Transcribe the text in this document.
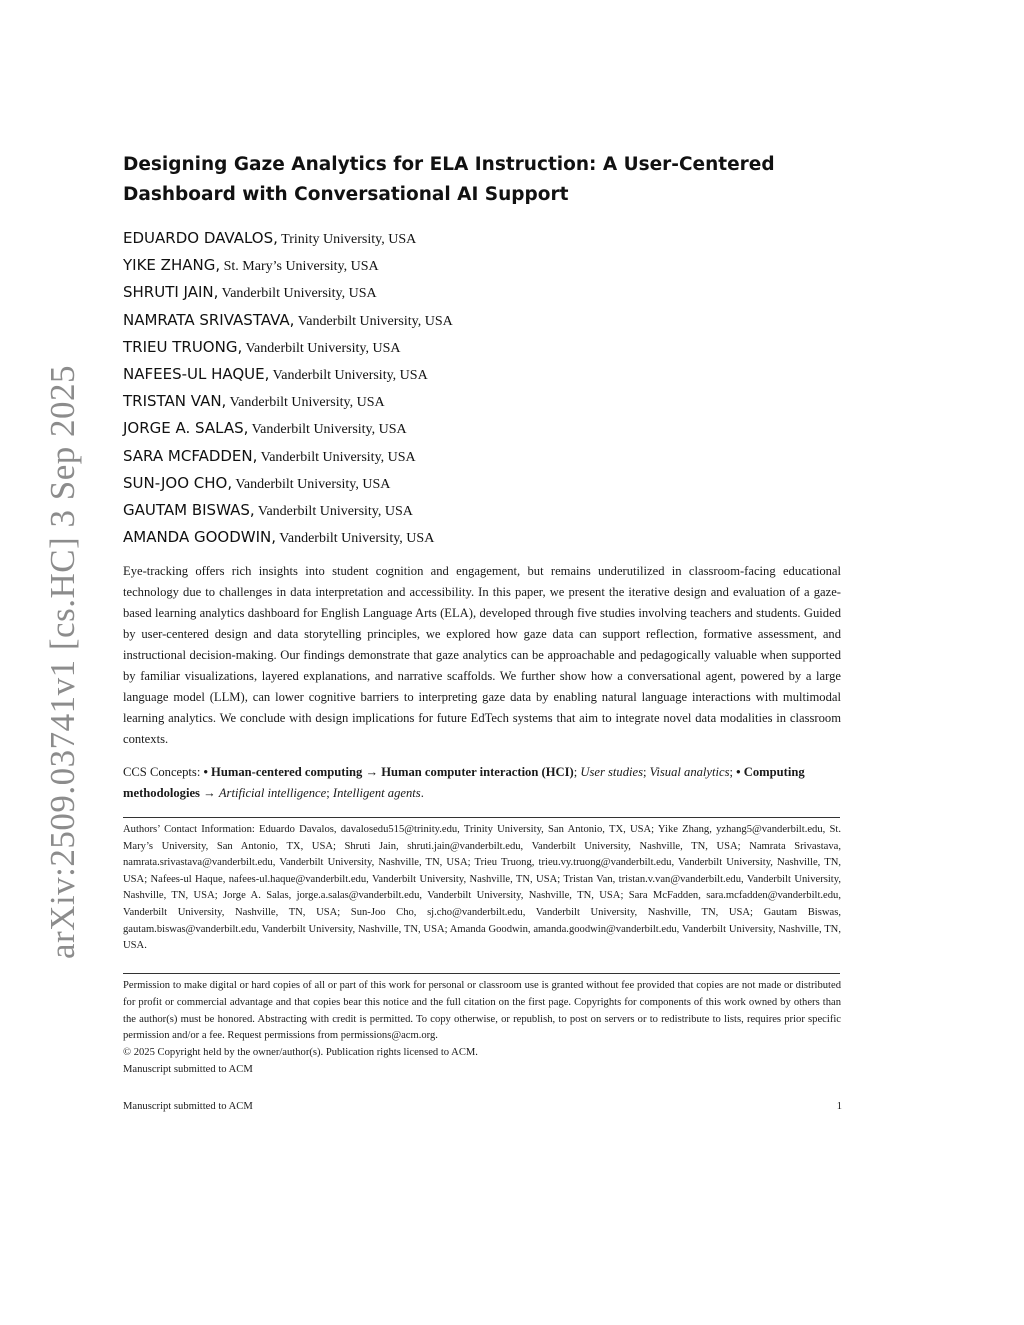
arXiv:2509.03741v1 [cs.HC] 3 Sep 2025
Designing Gaze Analytics for ELA Instruction: A User-Centered Dashboard with Conversational AI Support
EDUARDO DAVALOS, Trinity University, USA
YIKE ZHANG, St. Mary’s University, USA
SHRUTI JAIN, Vanderbilt University, USA
NAMRATA SRIVASTAVA, Vanderbilt University, USA
TRIEU TRUONG, Vanderbilt University, USA
NAFEES-UL HAQUE, Vanderbilt University, USA
TRISTAN VAN, Vanderbilt University, USA
JORGE A. SALAS, Vanderbilt University, USA
SARA MCFADDEN, Vanderbilt University, USA
SUN-JOO CHO, Vanderbilt University, USA
GAUTAM BISWAS, Vanderbilt University, USA
AMANDA GOODWIN, Vanderbilt University, USA

Eye-tracking offers rich insights into student cognition and engagement, but remains underutilized in classroom-facing educational technology due to challenges in data interpretation and accessibility. In this paper, we present the iterative design and evaluation of a gaze-based learning analytics dashboard for English Language Arts (ELA), developed through five studies involving teachers and students. Guided by user-centered design and data storytelling principles, we explored how gaze data can support reflection, formative assessment, and instructional decision-making. Our findings demonstrate that gaze analytics can be approachable and pedagogically valuable when supported by familiar visualizations, layered explanations, and narrative scaffolds. We further show how a conversational agent, powered by a large language model (LLM), can lower cognitive barriers to interpreting gaze data by enabling natural language interactions with multimodal learning analytics. We conclude with design implications for future EdTech systems that aim to integrate novel data modalities in classroom contexts.

CCS Concepts: • Human-centered computing → Human computer interaction (HCI); User studies; Visual analytics; • Computing methodologies → Artificial intelligence; Intelligent agents.

Authors’ Contact Information: Eduardo Davalos, davalosedu515@trinity.edu, Trinity University, San Antonio, TX, USA; Yike Zhang, yzhang5@vanderbilt.edu, St. Mary’s University, San Antonio, TX, USA; Shruti Jain, shruti.jain@vanderbilt.edu, Vanderbilt University, Nashville, TN, USA; Namrata Srivastava, namrata.srivastava@vanderbilt.edu, Vanderbilt University, Nashville, TN, USA; Trieu Truong, trieu.vy.truong@vanderbilt.edu, Vanderbilt University, Nashville, TN, USA; Nafees-ul Haque, nafees-ul.haque@vanderbilt.edu, Vanderbilt University, Nashville, TN, USA; Tristan Van, tristan.v.van@vanderbilt.edu, Vanderbilt University, Nashville, TN, USA; Jorge A. Salas, jorge.a.salas@vanderbilt.edu, Vanderbilt University, Nashville, TN, USA; Sara McFadden, sara.mcfadden@vanderbilt.edu, Vanderbilt University, Nashville, TN, USA; Sun-Joo Cho, sj.cho@vanderbilt.edu, Vanderbilt University, Nashville, TN, USA; Gautam Biswas, gautam.biswas@vanderbilt.edu, Vanderbilt University, Nashville, TN, USA; Amanda Goodwin, amanda.goodwin@vanderbilt.edu, Vanderbilt University, Nashville, TN, USA.

Permission to make digital or hard copies of all or part of this work for personal or classroom use is granted without fee provided that copies are not made or distributed for profit or commercial advantage and that copies bear this notice and the full citation on the first page. Copyrights for components of this work owned by others than the author(s) must be honored. Abstracting with credit is permitted. To copy otherwise, or republish, to post on servers or to redistribute to lists, requires prior specific permission and/or a fee. Request permissions from permissions@acm.org.

© 2025 Copyright held by the owner/author(s). Publication rights licensed to ACM.
Manuscript submitted to ACM
Manuscript submitted to ACM	1
